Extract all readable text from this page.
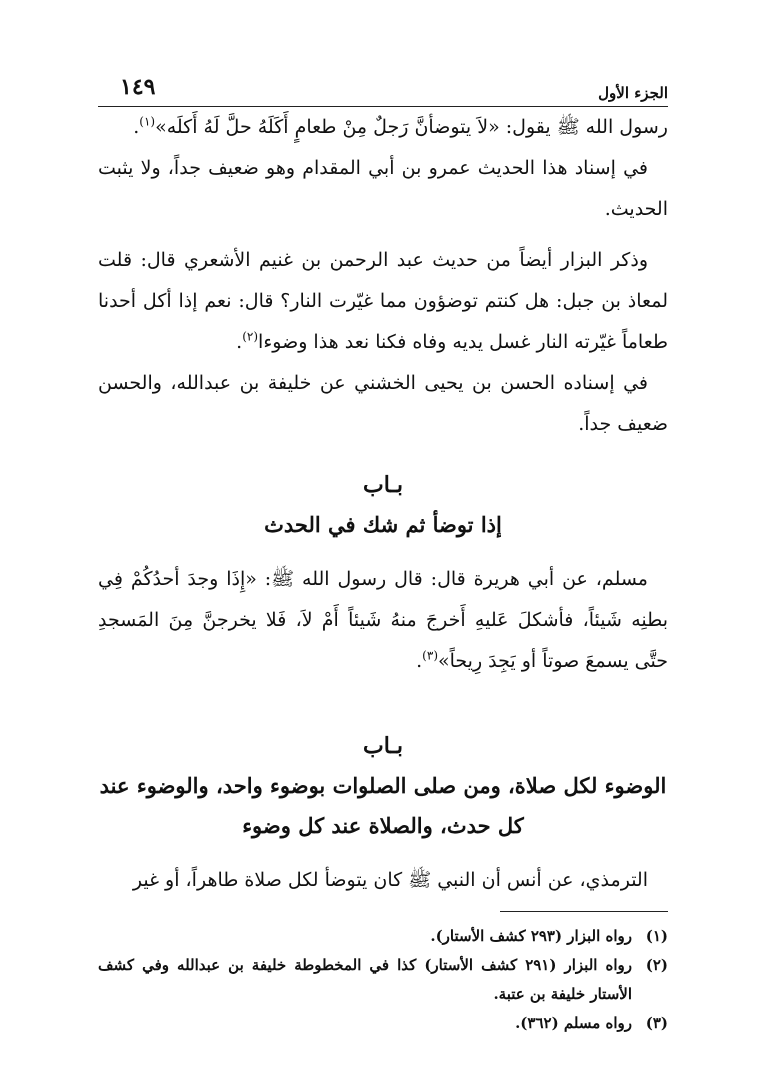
١٤٩	الجزء الأول

رسول الله ﷺ يقول: «لاَ يتوضأنَّ رَجلٌ مِنْ طعامٍ أَكَلَهُ حلَّ لَهُ أَكلَه»$^{(١)}$.

في إسناد هذا الحديث عمرو بن أبي المقدام وهو ضعيف جداً، ولا يثبت الحديث.

وذكر البزار أيضاً من حديث عبد الرحمن بن غنيم الأشعري قال: قلت لمعاذ بن جبل: هل كنتم توضؤون مما غيّرت النار؟ قال: نعم إذا أكل أحدنا طعاماً غيّرته النار غسل يديه وفاه فكنا نعد هذا وضوءا$^{(٢)}$.

في إسناده الحسن بن يحيى الخشني عن خليفة بن عبدالله، والحسن ضعيف جداً.

بـاب
إذا توضأ ثم شك في الحدث

مسلم، عن أبي هريرة قال: قال رسول الله ﷺ: «إِذَا وجدَ أحدُكُمْ فِي بطنِه شَيئاً، فأشكلَ عَليهِ أَخرجَ منهُ شَيئاً أَمْ لاَ، فَلا يخرجنَّ مِنَ المَسجدِ حتَّى يسمعَ صوتاً أو يَجِدَ رِيحاً»$^{(٣)}$.

بـاب
الوضوء لكل صلاة، ومن صلى الصلوات بوضوء واحد، والوضوء عند
كل حدث، والصلاة عند كل وضوء

الترمذي، عن أنس أن النبي ﷺ كان يتوضأ لكل صلاة طاهراً، أو غير

(١)
رواه البزار (٢٩٣ كشف الأستار).
(٢)
رواه البزار (٢٩١ كشف الأستار) كذا في المخطوطة خليفة بن عبدالله وفي كشف الأستار خليفة بن عتبة.
(٣)
رواه مسلم (٣٦٢).
